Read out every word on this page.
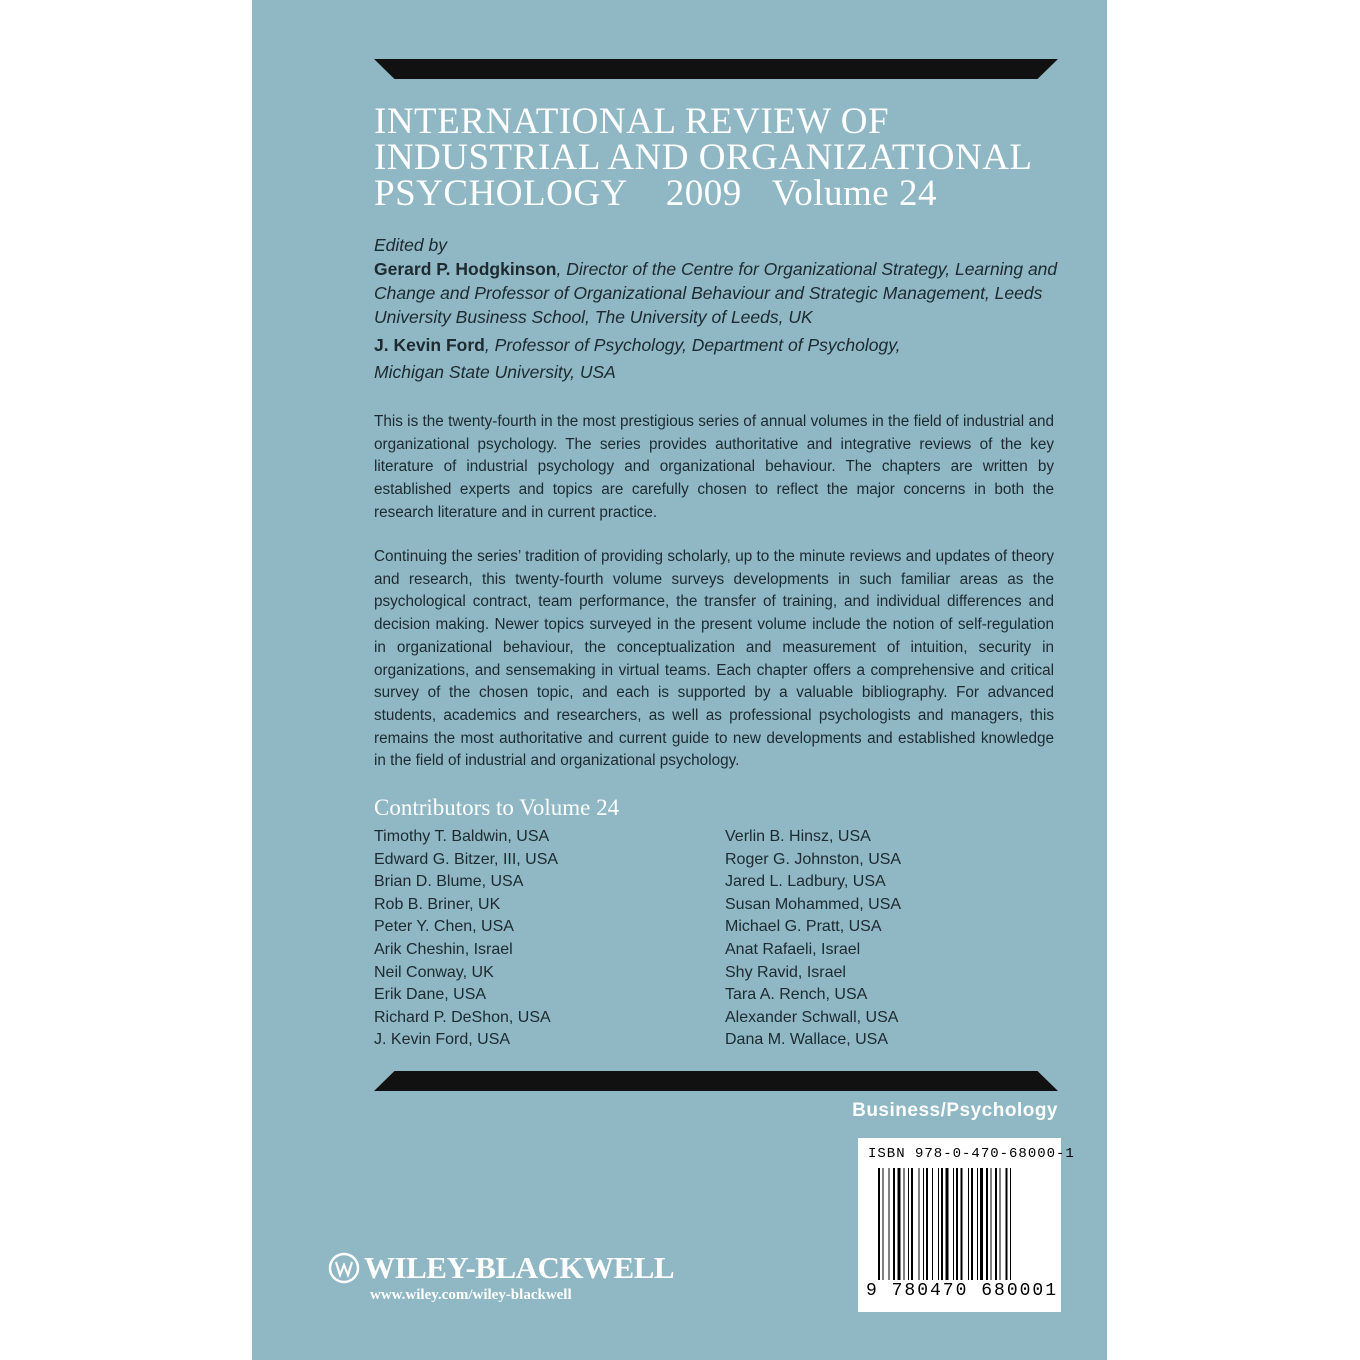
INTERNATIONAL REVIEW OF
INDUSTRIAL AND ORGANIZATIONAL
PSYCHOLOGY 2009 Volume 24
Edited by
Gerard P. Hodgkinson, Director of the Centre for Organizational Strategy, Learning and Change and Professor of Organizational Behaviour and Strategic Management, Leeds University Business School, The University of Leeds, UK
J. Kevin Ford, Professor of Psychology, Department of Psychology,
Michigan State University, USA

This is the twenty-fourth in the most prestigious series of annual volumes in the field of industrial and organizational psychology. The series provides authoritative and integrative reviews of the key literature of industrial psychology and organizational behaviour. The chapters are written by established experts and topics are carefully chosen to reflect the major concerns in both the research literature and in current practice.

Continuing the series’ tradition of providing scholarly, up to the minute reviews and updates of theory and research, this twenty-fourth volume surveys developments in such familiar areas as the psychological contract, team performance, the transfer of training, and individual differences and decision making. Newer topics surveyed in the present volume include the notion of self-regulation in organizational behaviour, the conceptualization and measurement of intuition, security in organizations, and sensemaking in virtual teams. Each chapter offers a comprehensive and critical survey of the chosen topic, and each is supported by a valuable bibliography. For advanced students, academics and researchers, as well as professional psychologists and managers, this remains the most authoritative and current guide to new developments and established knowledge in the field of industrial and organizational psychology.

Contributors to Volume 24
Timothy T. Baldwin, USA
Edward G. Bitzer, III, USA
Brian D. Blume, USA
Rob B. Briner, UK
Peter Y. Chen, USA
Arik Cheshin, Israel
Neil Conway, UK
Erik Dane, USA
Richard P. DeShon, USA
J. Kevin Ford, USA
Verlin B. Hinsz, USA
Roger G. Johnston, USA
Jared L. Ladbury, USA
Susan Mohammed, USA
Michael G. Pratt, USA
Anat Rafaeli, Israel
Shy Ravid, Israel
Tara A. Rench, USA
Alexander Schwall, USA
Dana M. Wallace, USA

Business/Psychology

ISBN 978-0-470-68000-1
9 780470 680001
WILEY-BLACKWELL
www.wiley.com/wiley-blackwell
